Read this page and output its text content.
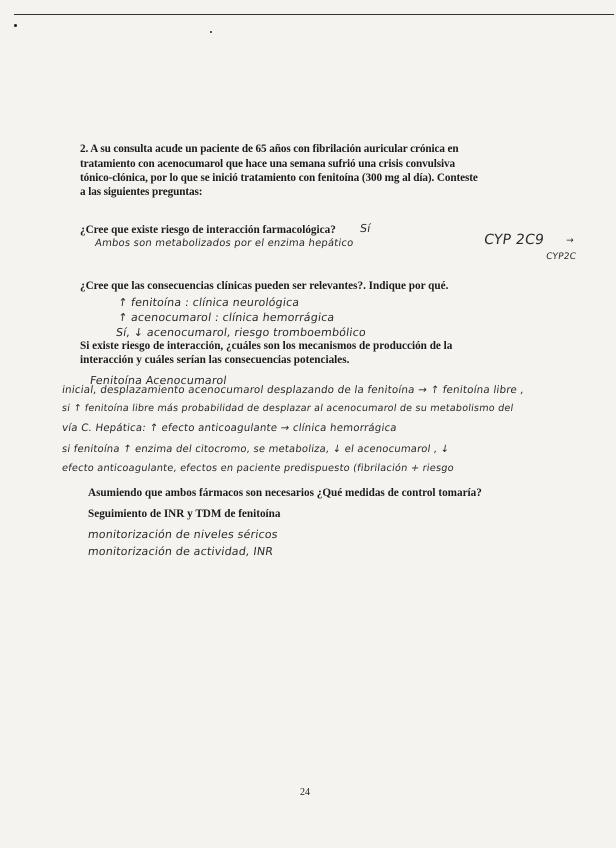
2. A su consulta acude un paciente de 65 años con fibrilación auricular crónica en
tratamiento con acenocumarol que hace una semana sufrió una crisis convulsiva
tónico-clónica, por lo que se inició tratamiento con fenitoína (300 mg al día). Conteste
a las siguientes preguntas:
¿Cree que existe riesgo de interacción farmacológica? Sí
Ambos son metabolizados por el enzima hepático	CYP 2C9 →
CYP2C
¿Cree que las consecuencias clínicas pueden ser relevantes?. Indique por qué.
↑ fenitoína : clínica neurológica
↑ acenocumarol : clínica hemorrágica
Sí, ↓ acenocumarol, riesgo tromboembólico
Si existe riesgo de interacción, ¿cuáles son los mecanismos de producción de la
interacción y cuáles serían las consecuencias potenciales.
Fenitoína Acenocumarol
inicial, desplazamiento acenocumarol desplazando de la fenitoína → ↑ fenitoína libre ,
si ↑ fenitoína libre más probabilidad de desplazar al acenocumarol de su metabolismo del
vía C. Hepática: ↑ efecto anticoagulante → clínica hemorrágica
si fenitoína ↑ enzima del citocromo, se metaboliza, ↓ el acenocumarol , ↓
efecto anticoagulante, efectos en paciente predispuesto (fibrilación + riesgo
Asumiendo que ambos fármacos son necesarios ¿Qué medidas de control tomaría?
Seguimiento de INR y TDM de fenitoína
monitorización de niveles séricos
monitorización de actividad, INR
24
